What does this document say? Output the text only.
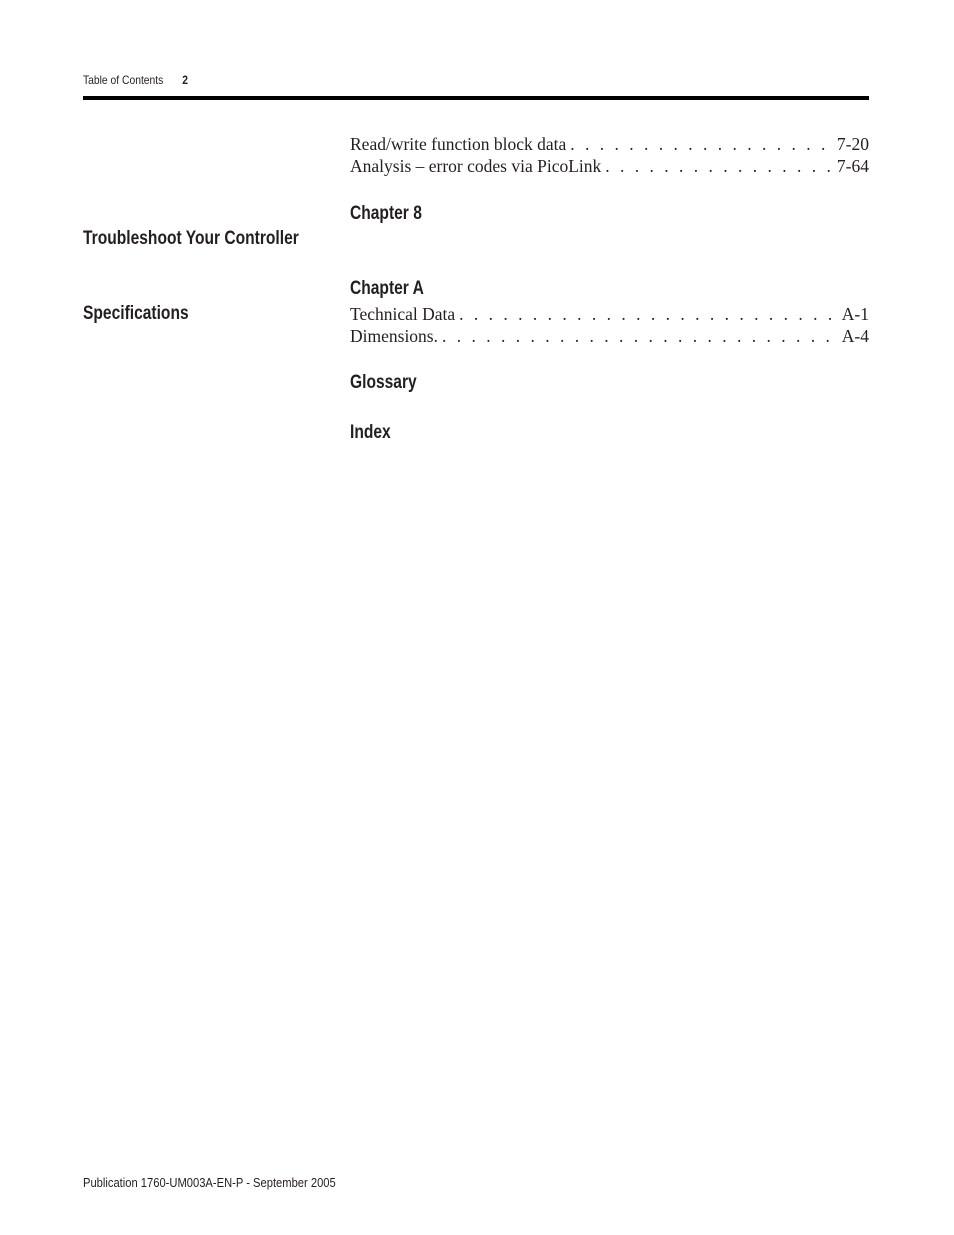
Table of Contents 2
Read/write function block data . . .	7-20
Analysis – error codes via PicoLink . . .	7-64
Chapter 8
Troubleshoot Your Controller
Chapter A
Specifications	Technical Data . . .	A-1
Dimensions. . . .	A-4
Glossary
Index
Publication 1760-UM003A-EN-P - September 2005
